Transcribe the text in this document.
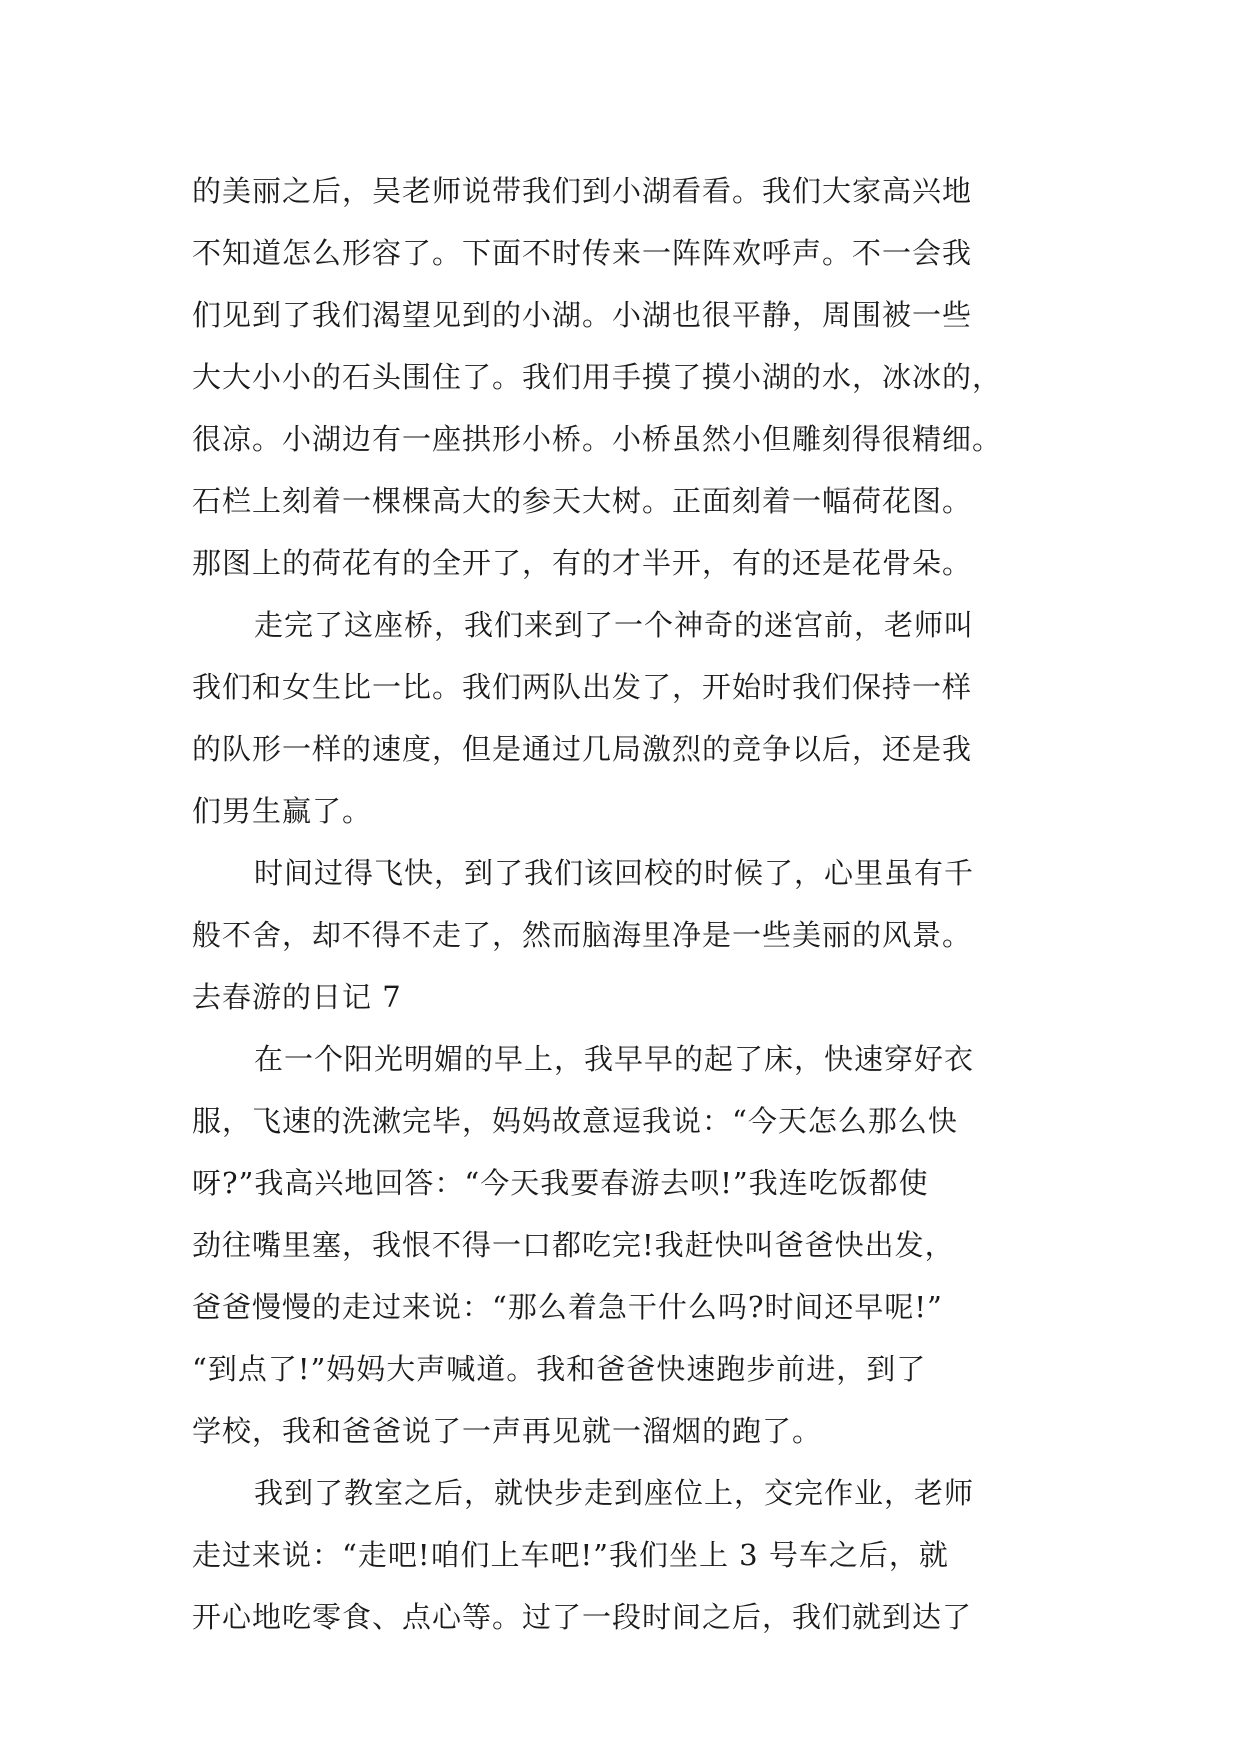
的美丽之后，吴老师说带我们到小湖看看。我们大家高兴地
不知道怎么形容了。下面不时传来一阵阵欢呼声。不一会我
们见到了我们渴望见到的小湖。小湖也很平静，周围被一些
大大小小的石头围住了。我们用手摸了摸小湖的水，冰冰的，
很凉。小湖边有一座拱形小桥。小桥虽然小但雕刻得很精细。
石栏上刻着一棵棵高大的参天大树。正面刻着一幅荷花图。
那图上的荷花有的全开了，有的才半开，有的还是花骨朵。
走完了这座桥，我们来到了一个神奇的迷宫前，老师叫
我们和女生比一比。我们两队出发了，开始时我们保持一样
的队形一样的速度，但是通过几局激烈的竞争以后，还是我
们男生赢了。
时间过得飞快，到了我们该回校的时候了，心里虽有千
般不舍，却不得不走了，然而脑海里净是一些美丽的风景。
去春游的日记 7
在一个阳光明媚的早上，我早早的起了床，快速穿好衣
服，飞速的洗漱完毕，妈妈故意逗我说：“今天怎么那么快
呀?”我高兴地回答：“今天我要春游去呗!”我连吃饭都使
劲往嘴里塞，我恨不得一口都吃完!我赶快叫爸爸快出发，
爸爸慢慢的走过来说：“那么着急干什么吗?时间还早呢!”
“到点了!”妈妈大声喊道。我和爸爸快速跑步前进，到了
学校，我和爸爸说了一声再见就一溜烟的跑了。
我到了教室之后，就快步走到座位上，交完作业，老师
走过来说：“走吧!咱们上车吧!”我们坐上 3 号车之后，就
开心地吃零食、点心等。过了一段时间之后，我们就到达了
